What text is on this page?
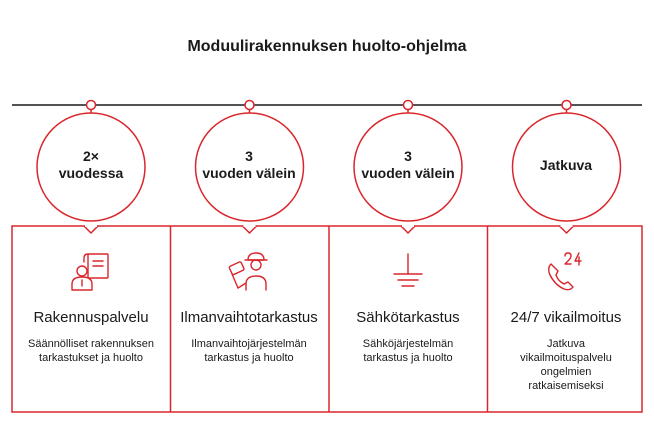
Moduulirakennuksen huolto-ohjelma
2×
vuodessa
Rakennuspalvelu
Säännölliset rakennuksen
tarkastukset ja huolto
3
vuoden välein
Ilmanvaihtotarkastus
Ilmanvaihtojärjestelmän
tarkastus ja huolto
3
vuoden välein
Sähkötarkastus
Sähköjärjestelmän
tarkastus ja huolto
Jatkuva
24/7 vikailmoitus
Jatkuva
vikailmoituspalvelu
ongelmien
ratkaisemiseksi
